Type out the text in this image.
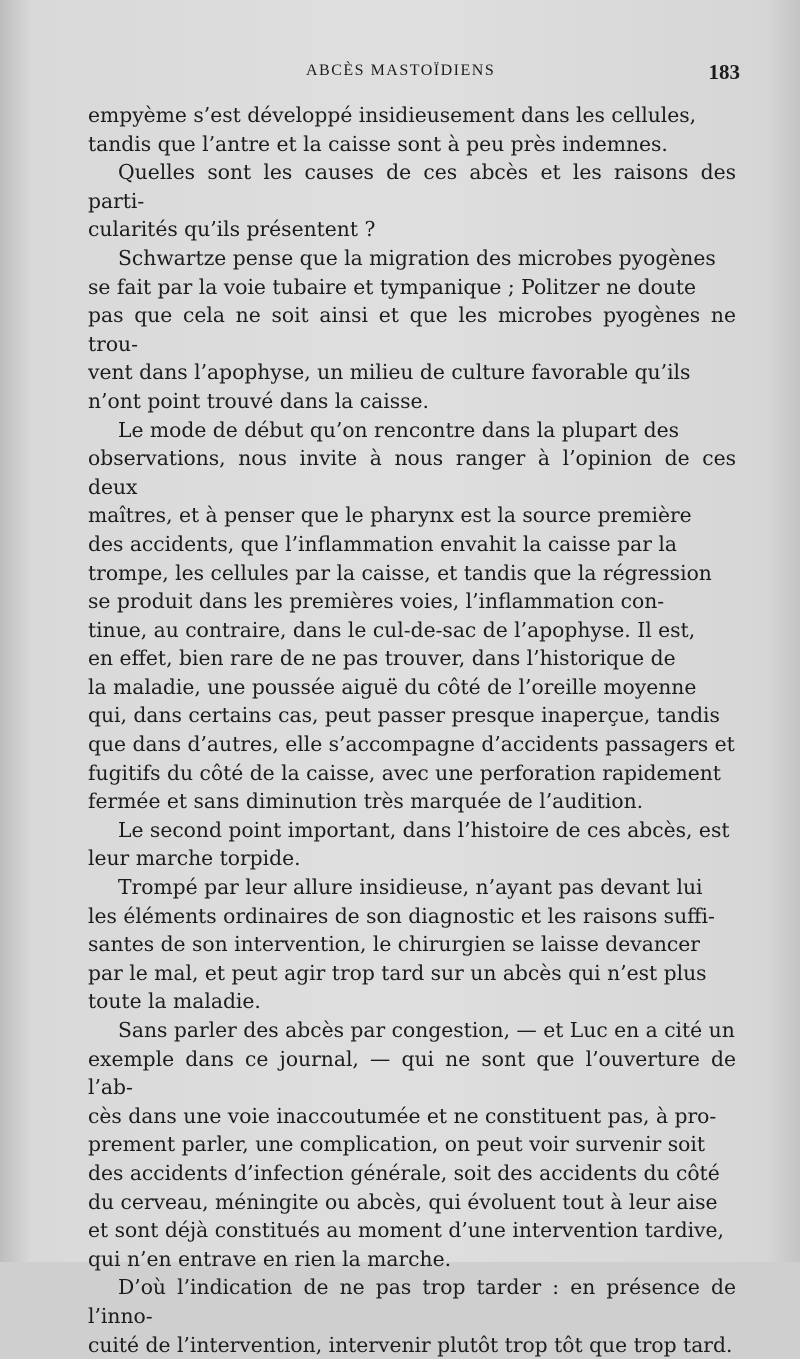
ABCÈS MASTOÏDIENS	183

empyème s’est développé insidieusement dans les cellules,
tandis que l’antre et la caisse sont à peu près indemnes.

Quelles sont les causes de ces abcès et les raisons des parti-
cularités qu’ils présentent ?

Schwartze pense que la migration des microbes pyogènes
se fait par la voie tubaire et tympanique ; Politzer ne doute
pas que cela ne soit ainsi et que les microbes pyogènes ne trou-
vent dans l’apophyse, un milieu de culture favorable qu’ils
n’ont point trouvé dans la caisse.

Le mode de début qu’on rencontre dans la plupart des
observations, nous invite à nous ranger à l’opinion de ces deux
maîtres, et à penser que le pharynx est la source première
des accidents, que l’inflammation envahit la caisse par la
trompe, les cellules par la caisse, et tandis que la régression
se produit dans les premières voies, l’inflammation con-
tinue, au contraire, dans le cul-de-sac de l’apophyse. Il est,
en effet, bien rare de ne pas trouver, dans l’historique de
la maladie, une poussée aiguë du côté de l’oreille moyenne
qui, dans certains cas, peut passer presque inaperçue, tandis
que dans d’autres, elle s’accompagne d’accidents passagers et
fugitifs du côté de la caisse, avec une perforation rapidement
fermée et sans diminution très marquée de l’audition.

Le second point important, dans l’histoire de ces abcès, est
leur marche torpide.

Trompé par leur allure insidieuse, n’ayant pas devant lui
les éléments ordinaires de son diagnostic et les raisons suffi-
santes de son intervention, le chirurgien se laisse devancer
par le mal, et peut agir trop tard sur un abcès qui n’est plus
toute la maladie.

Sans parler des abcès par congestion, — et Luc en a cité un
exemple dans ce journal, — qui ne sont que l’ouverture de l’ab-
cès dans une voie inaccoutumée et ne constituent pas, à pro-
prement parler, une complication, on peut voir survenir soit
des accidents d’infection générale, soit des accidents du côté
du cerveau, méningite ou abcès, qui évoluent tout à leur aise
et sont déjà constitués au moment d’une intervention tardive,
qui n’en entrave en rien la marche.

D’où l’indication de ne pas trop tarder : en présence de l’inno-
cuité de l’intervention, intervenir plutôt trop tôt que trop tard.
